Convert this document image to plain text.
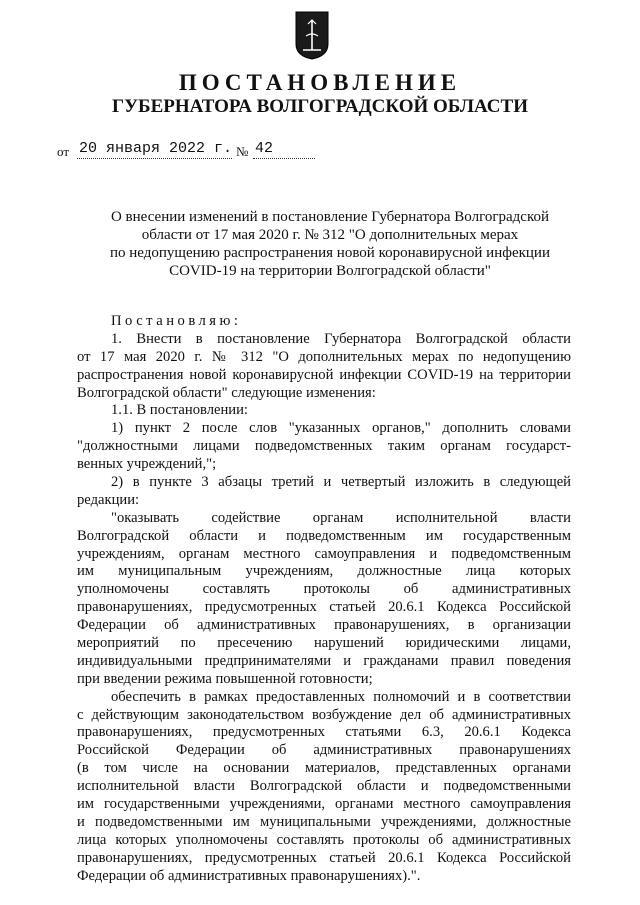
ПОСТАНОВЛЕНИЕ
ГУБЕРНАТОРА ВОЛГОГРАДСКОЙ ОБЛАСТИ
от 20 января 2022 г. № 42
О внесении изменений в постановление Губернатора Волгоградской
области от 17 мая 2020 г. № 312 "О дополнительных мерах
по недопущению распространения новой коронавирусной инфекции
COVID-19 на территории Волгоградской области"
Постановляю:
1. Внести в постановление Губернатора Волгоградской области
от 17 мая 2020 г. № 312 "О дополнительных мерах по недопущению
распространения новой коронавирусной инфекции COVID-19 на территории
Волгоградской области" следующие изменения:
1.1. В постановлении:
1) пункт 2 после слов "указанных органов," дополнить словами
"должностными лицами подведомственных таким органам государст-
венных учреждений,";
2) в пункте 3 абзацы третий и четвертый изложить в следующей
редакции:
"оказывать содействие органам исполнительной власти
Волгоградской области и подведомственным им государственным
учреждениям, органам местного самоуправления и подведомственным
им муниципальным учреждениям, должностные лица которых
уполномочены составлять протоколы об административных
правонарушениях, предусмотренных статьей 20.6.1 Кодекса Российской
Федерации об административных правонарушениях, в организации
мероприятий по пресечению нарушений юридическими лицами,
индивидуальными предпринимателями и гражданами правил поведения
при введении режима повышенной готовности;
обеспечить в рамках предоставленных полномочий и в соответствии
с действующим законодательством возбуждение дел об административных
правонарушениях, предусмотренных статьями 6.3, 20.6.1 Кодекса
Российской Федерации об административных правонарушениях
(в том числе на основании материалов, представленных органами
исполнительной власти Волгоградской области и подведомственными
им государственными учреждениями, органами местного самоуправления
и подведомственными им муниципальными учреждениями, должностные
лица которых уполномочены составлять протоколы об административных
правонарушениях, предусмотренных статьей 20.6.1 Кодекса Российской
Федерации об административных правонарушениях).".
